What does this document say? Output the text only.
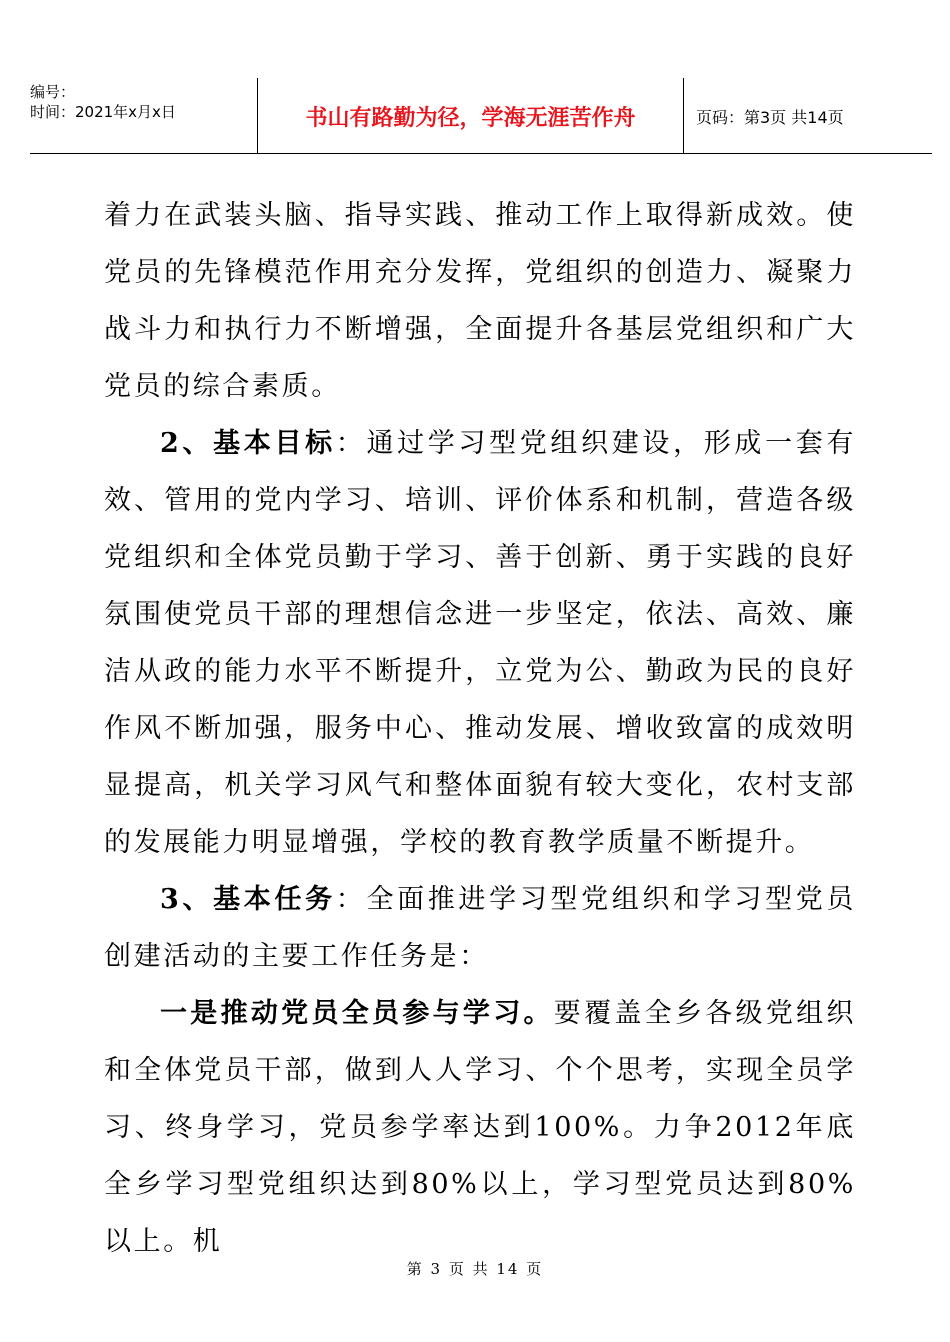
编号：
时间：2021年x月x日	书山有路勤为径，学海无涯苦作舟	页码：第3页 共14页

着力在武装头脑、指导实践、推动工作上取得新成效。使党员的先锋模范作用充分发挥，党组织的创造力、凝聚力战斗力和执行力不断增强，全面提升各基层党组织和广大党员的综合素质。

2、基本目标：通过学习型党组织建设，形成一套有效、管用的党内学习、培训、评价体系和机制，营造各级党组织和全体党员勤于学习、善于创新、勇于实践的良好氛围使党员干部的理想信念进一步坚定，依法、高效、廉洁从政的能力水平不断提升，立党为公、勤政为民的良好作风不断加强，服务中心、推动发展、增收致富的成效明显提高，机关学习风气和整体面貌有较大变化，农村支部的发展能力明显增强，学校的教育教学质量不断提升。

3、基本任务：全面推进学习型党组织和学习型党员创建活动的主要工作任务是：

一是推动党员全员参与学习。要覆盖全乡各级党组织和全体党员干部，做到人人学习、个个思考，实现全员学习、终身学习，党员参学率达到100%。力争2012年底全乡学习型党组织达到80%以上，学习型党员达到80%以上。机

第 3 页 共 14 页
